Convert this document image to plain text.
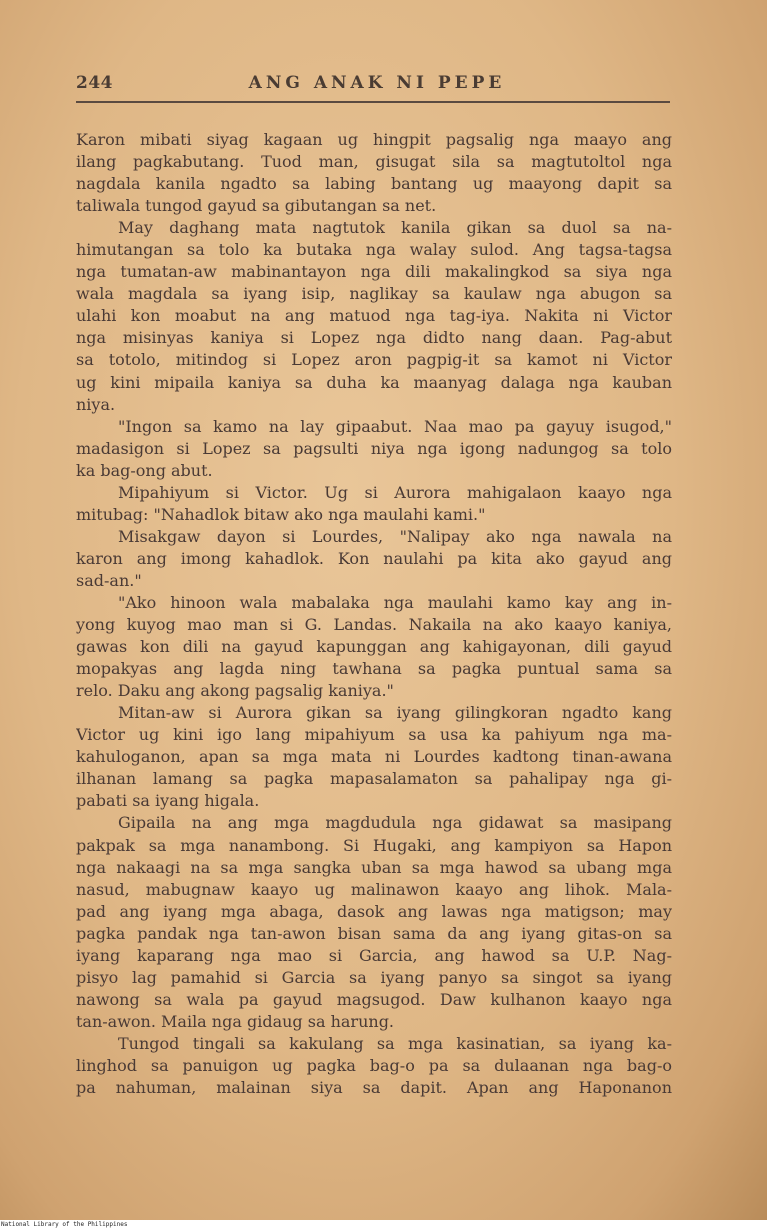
244	ANG ANAK NI PEPE
Karon mibati siyag kagaan ug hingpit pagsalig nga maayo ang
ilang pagkabutang. Tuod man, gisugat sila sa magtutoltol nga
nagdala kanila ngadto sa labing bantang ug maayong dapit sa
taliwala tungod gayud sa gibutangan sa net.
May daghang mata nagtutok kanila gikan sa duol sa na-
himutangan sa tolo ka butaka nga walay sulod. Ang tagsa-tagsa
nga tumatan-aw mabinantayon nga dili makalingkod sa siya nga
wala magdala sa iyang isip, naglikay sa kaulaw nga abugon sa
ulahi kon moabut na ang matuod nga tag-iya. Nakita ni Victor
nga misinyas kaniya si Lopez nga didto nang daan. Pag-abut
sa totolo, mitindog si Lopez aron pagpig-it sa kamot ni Victor
ug kini mipaila kaniya sa duha ka maanyag dalaga nga kauban
niya.
"Ingon sa kamo na lay gipaabut. Naa mao pa gayuy isugod,"
madasigon si Lopez sa pagsulti niya nga igong nadungog sa tolo
ka bag-ong abut.
Mipahiyum si Victor. Ug si Aurora mahigalaon kaayo nga
mitubag: "Nahadlok bitaw ako nga maulahi kami."
Misakgaw dayon si Lourdes, "Nalipay ako nga nawala na
karon ang imong kahadlok. Kon naulahi pa kita ako gayud ang
sad-an."
"Ako hinoon wala mabalaka nga maulahi kamo kay ang in-
yong kuyog mao man si G. Landas. Nakaila na ako kaayo kaniya,
gawas kon dili na gayud kapunggan ang kahigayonan, dili gayud
mopakyas ang lagda ning tawhana sa pagka puntual sama sa
relo. Daku ang akong pagsalig kaniya."
Mitan-aw si Aurora gikan sa iyang gilingkoran ngadto kang
Victor ug kini igo lang mipahiyum sa usa ka pahiyum nga ma-
kahuloganon, apan sa mga mata ni Lourdes kadtong tinan-awana
ilhanan lamang sa pagka mapasalamaton sa pahalipay nga gi-
pabati sa iyang higala.
Gipaila na ang mga magdudula nga gidawat sa masipang
pakpak sa mga nanambong. Si Hugaki, ang kampiyon sa Hapon
nga nakaagi na sa mga sangka uban sa mga hawod sa ubang mga
nasud, mabugnaw kaayo ug malinawon kaayo ang lihok. Mala-
pad ang iyang mga abaga, dasok ang lawas nga matigson; may
pagka pandak nga tan-awon bisan sama da ang iyang gitas-on sa
iyang kaparang nga mao si Garcia, ang hawod sa U.P. Nag-
pisyo lag pamahid si Garcia sa iyang panyo sa singot sa iyang
nawong sa wala pa gayud magsugod. Daw kulhanon kaayo nga
tan-awon. Maila nga gidaug sa harung.
Tungod tingali sa kakulang sa mga kasinatian, sa iyang ka-
linghod sa panuigon ug pagka bag-o pa sa dulaanan nga bag-o
pa nahuman, malainan siya sa dapit. Apan ang Haponanon
National Library of the Philippines
